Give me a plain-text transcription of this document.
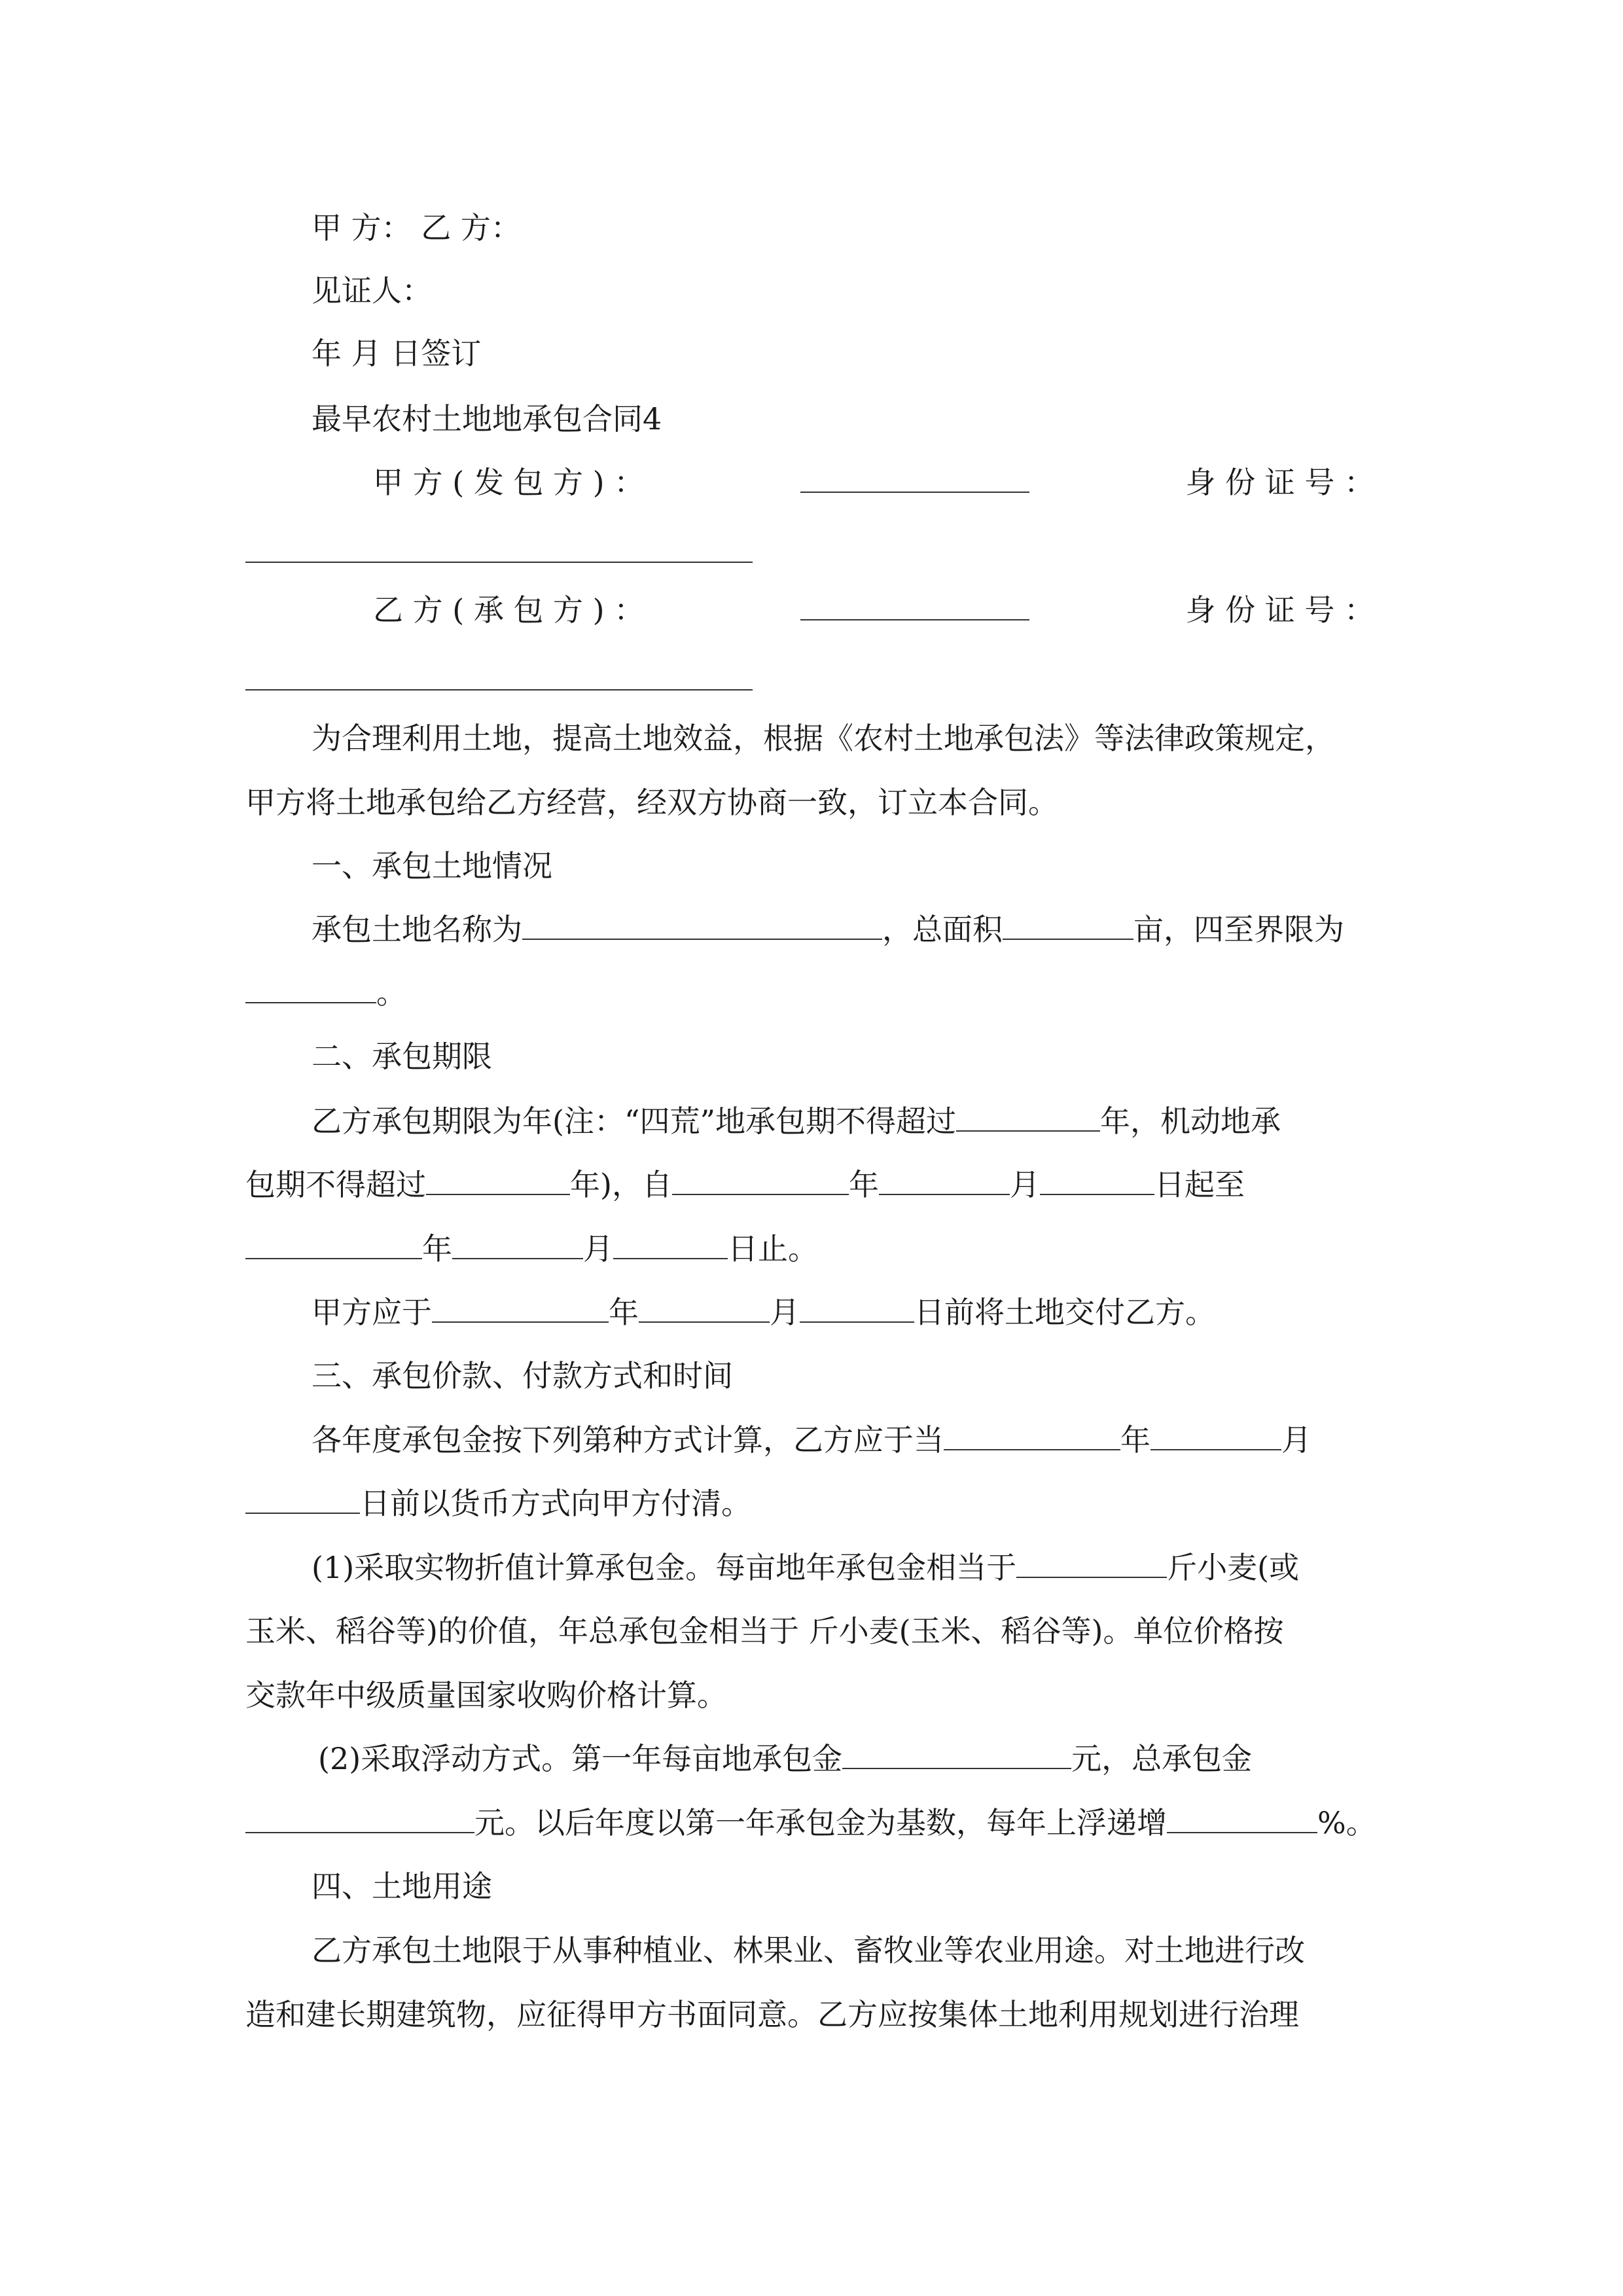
甲 方： 乙 方：
见证人：
年 月 日签订
最早农村土地地承包合同4
甲 方 ( 发 包 方 ) ：	身 份 证 号 ：
乙 方 ( 承 包 方 ) ：	身 份 证 号 ：
为合理利用土地，提高土地效益，根据《农村土地承包法》等法律政策规定，
甲方将土地承包给乙方经营，经双方协商一致，订立本合同。
一、承包土地情况
承包土地名称为	，总面积	亩，四至界限为
。
二、承包期限
乙方承包期限为年(注：“四荒”地承包期不得超过	年，机动地承
包期不得超过	年)，自	年	月	日起至
年	月	日止。
甲方应于	年	月	日前将土地交付乙方。
三、承包价款、付款方式和时间
各年度承包金按下列第种方式计算，乙方应于当	年	月
日前以货币方式向甲方付清。
(1)采取实物折值计算承包金。每亩地年承包金相当于	斤小麦(或
玉米、稻谷等)的价值，年总承包金相当于 斤小麦(玉米、稻谷等)。单位价格按
交款年中级质量国家收购价格计算。
(2)采取浮动方式。第一年每亩地承包金	元，总承包金
元。以后年度以第一年承包金为基数，每年上浮递增	%。
四、土地用途
乙方承包土地限于从事种植业、林果业、畜牧业等农业用途。对土地进行改
造和建长期建筑物，应征得甲方书面同意。乙方应按集体土地利用规划进行治理
